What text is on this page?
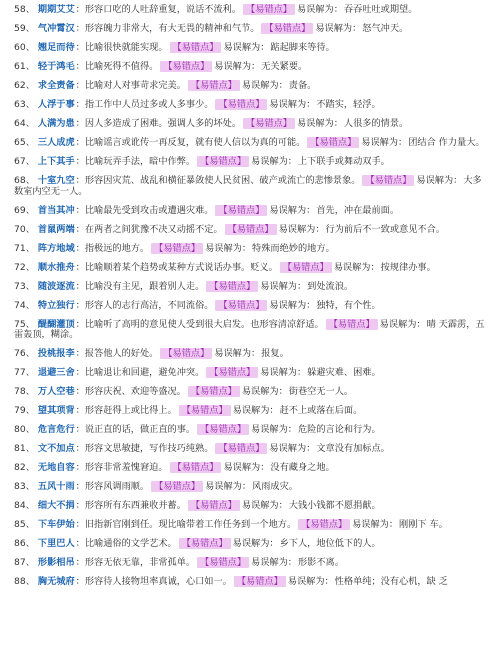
58、 期期艾艾：形容口吃的人吐辞重复，说话不流利。 【易错点】 易误解为：吞吞吐吐或期望。
59、 气冲霄汉：形容魄力非常大，有大无畏的精神和气节。 【易错点】 易误解为：怒气冲天。
60、 翘足而待：比喻很快就能实现。 【易错点】 易误解为：踮起脚来等待。
61、 轻于鸿毛：比喻死得不值得。 【易错点】 易误解为：无关紧要。
62、 求全责备：比喻对人对事苛求完美。 【易错点】 易误解为：责备。
63、 人浮于事：指工作中人员过多或人多事少。 【易错点】 易误解为：不踏实，轻浮。
64、 人满为患：因人多造成了困难。强调人多的坏处。 【易错点】 易误解为：人很多的情景。
65、 三人成虎：比喻谣言或讹传一再反复，就有使人信以为真的可能。 【易错点】 易误解为：团结合 作力量大。
67、 上下其手：比喻玩弄手法，暗中作弊。 【易错点】 易误解为：上下联手或舞动双手。
68、 十室九空：形容因灾荒、战乱和横征暴敛使人民贫困、破产或流亡的悲惨景象。 【易错点】 易误解为：大多数室内空无一人。
69、 首当其冲：比喻最先受到攻击或遭遇灾难。 【易错点】 易误解为：首先，冲在最前面。
70、 首鼠两端：在两者之间犹豫不决又动摇不定。 【易错点】 易误解为：行为前后不一致或意见不合。
71、 阵方地域：指极远的地方。 【易错点】 易误解为：特殊而绝妙的地方。
72、 顺水推舟：比喻顺着某个趋势或某种方式说话办事。贬义。 【易错点】 易误解为：按规律办事。
73、 随波逐流：比喻没有主见，跟着别人走。 【易错点】 易误解为：到处流浪。
74、 特立独行：形容人的志行高洁，不同流俗。 【易错点】 易误解为：独特，有个性。
75、 醍醐灌顶：比喻听了高明的意见使人受到很大启发。也形容清凉舒适。 【易错点】 易误解为：晴 天霹雳，五雷轰顶，糊涂。
76、 投桃报李：报答他人的好处。 【易错点】 易误解为：报复。
77、 退避三舍：比喻退让和回避，避免冲突。 【易错点】 易误解为：躲避灾难、困难。
78、 万人空巷：形容庆祝、欢迎等盛况。 【易错点】 易误解为：街巷空无一人。
79、 望其项背：形容赶得上或比得上。 【易错点】 易误解为：赶不上或落在后面。
80、 危言危行：说正直的话，做正直的事。 【易错点】 易误解为：危险的言论和行为。
81、 文不加点：形容文思敏捷，写作技巧纯熟。 【易错点】 易误解为：文章没有加标点。
82、 无地自容：形容非常羞愧窘迫。 【易错点】 易误解为：没有藏身之地。
83、 五风十雨：形容风调雨顺。 【易错点】 易误解为：风雨成灾。
84、 细大不捐：形容所有东西兼收并蓄。 【易错点】 易误解为：大钱小钱都不愿捐献。
85、 下车伊始：旧指新官刚到任。现比喻带着工作任务到一个地方。 【易错点】 易误解为：刚刚下 车。
86、 下里巴人：比喻通俗的文学艺术。 【易错点】 易误解为：乡下人，地位低下的人。
87、 形影相吊：形容无依无靠，非常孤单。 【易错点】 易误解为：形影不离。
88、 胸无城府：形容待人接物坦率真诚，心口如一。 【易错点】 易误解为：性格单纯；没有心机，缺 乏
